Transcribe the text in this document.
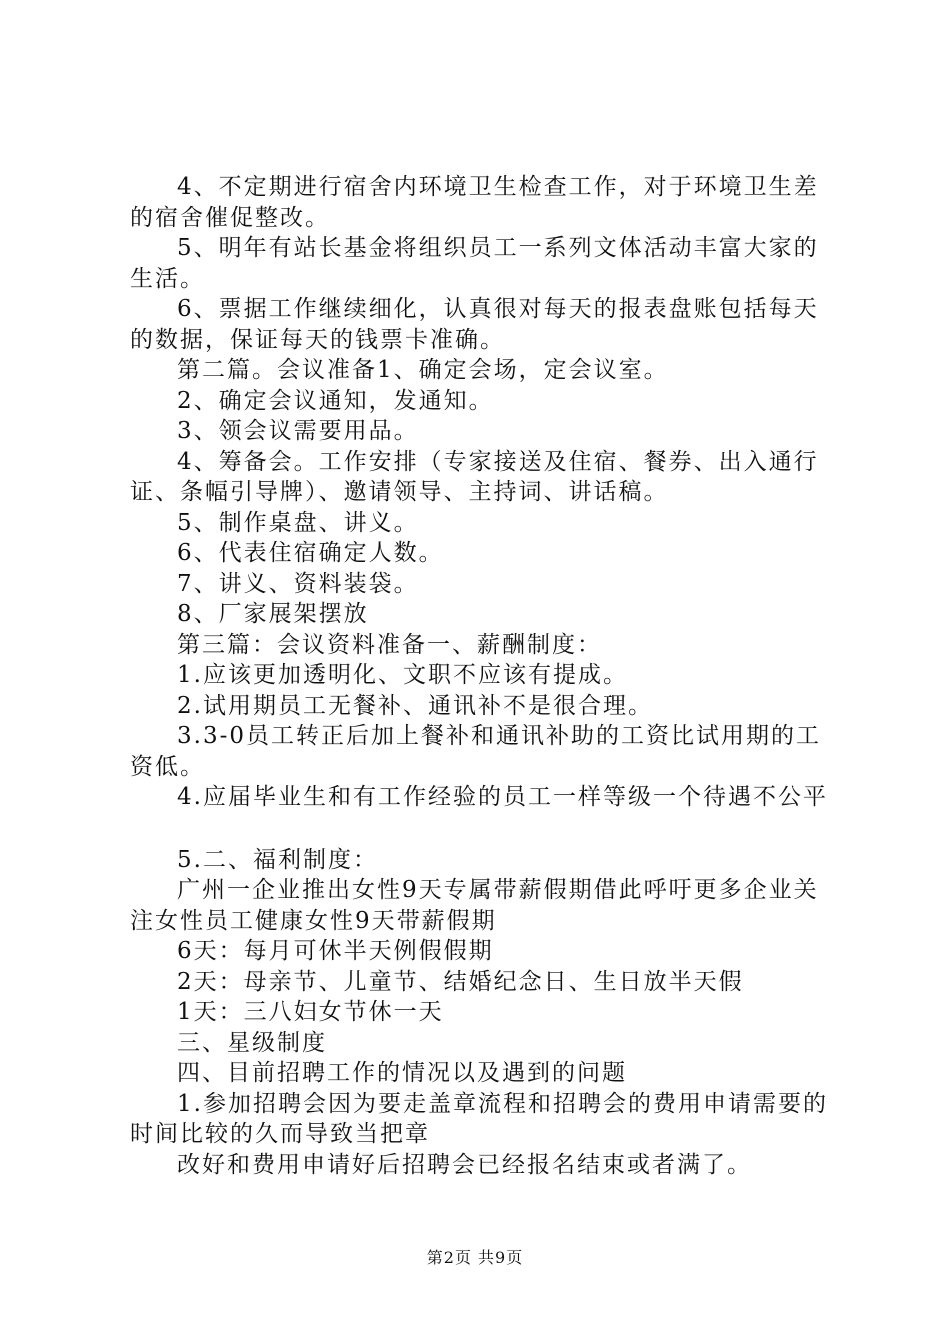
4、不定期进行宿舍内环境卫生检查工作，对于环境卫生差的宿舍催促整改。

5、明年有站长基金将组织员工一系列文体活动丰富大家的生活。

6、票据工作继续细化，认真很对每天的报表盘账包括每天的数据，保证每天的钱票卡准确。

第二篇。会议准备1、确定会场，定会议室。

2、确定会议通知，发通知。

3、领会议需要用品。

4、筹备会。工作安排（专家接送及住宿、餐券、出入通行证、条幅引导牌）、邀请领导、主持词、讲话稿。

5、制作桌盘、讲义。

6、代表住宿确定人数。

7、讲义、资料装袋。

8、厂家展架摆放

第三篇：会议资料准备一、薪酬制度：

1.应该更加透明化、文职不应该有提成。

2.试用期员工无餐补、通讯补不是很合理。

3.3-0员工转正后加上餐补和通讯补助的工资比试用期的工资低。

4.应届毕业生和有工作经验的员工一样等级一个待遇不公平

5.二、福利制度：

广州一企业推出女性9天专属带薪假期借此呼吁更多企业关注女性员工健康女性9天带薪假期

6天：每月可休半天例假假期

2天：母亲节、儿童节、结婚纪念日、生日放半天假

1天：三八妇女节休一天

三、星级制度

四、目前招聘工作的情况以及遇到的问题

1.参加招聘会因为要走盖章流程和招聘会的费用申请需要的时间比较的久而导致当把章

改好和费用申请好后招聘会已经报名结束或者满了。

第2页 共9页
